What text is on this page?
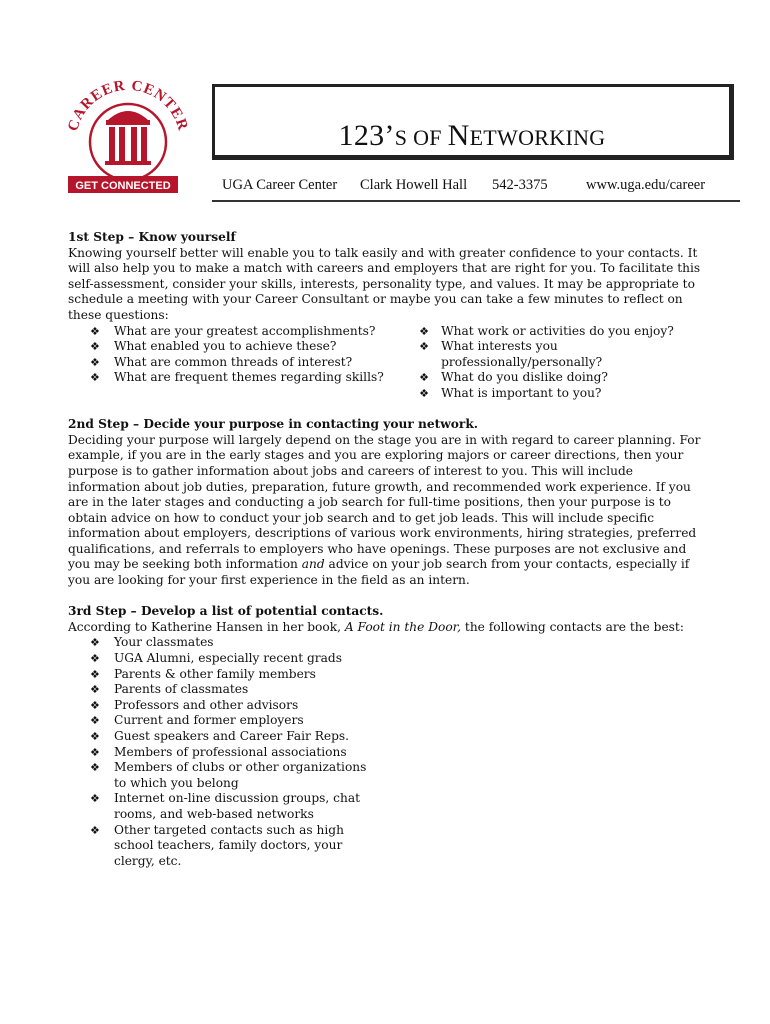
CAREER CENTER
GET CONNECTED
123’S OF NETWORKING
UGA Career Center Clark Howell Hall 542-3375	www.uga.edu/career

1st Step – Know yourself

Knowing yourself better will enable you to talk easily and with greater confidence to your contacts. It will also help you to make a match with careers and employers that are right for you. To facilitate this self-assessment, consider your skills, interests, personality type, and values. It may be appropriate to schedule a meeting with your Career Consultant or maybe you can take a few minutes to reflect on these questions:

❖ What are your greatest accomplishments?
❖ What enabled you to achieve these?
❖ What are common threads of interest?
❖ What are frequent themes regarding skills?
❖ What work or activities do you enjoy?
❖ What interests you professionally/personally?
❖ What do you dislike doing?
❖ What is important to you?

2nd Step – Decide your purpose in contacting your network.

Deciding your purpose will largely depend on the stage you are in with regard to career planning. For example, if you are in the early stages and you are exploring majors or career directions, then your purpose is to gather information about jobs and careers of interest to you. This will include information about job duties, preparation, future growth, and recommended work experience. If you are in the later stages and conducting a job search for full-time positions, then your purpose is to obtain advice on how to conduct your job search and to get job leads. This will include specific information about employers, descriptions of various work environments, hiring strategies, preferred qualifications, and referrals to employers who have openings. These purposes are not exclusive and you may be seeking both information and advice on your job search from your contacts, especially if you are looking for your first experience in the field as an intern.

3rd Step – Develop a list of potential contacts.

According to Katherine Hansen in her book, A Foot in the Door, the following contacts are the best:

❖ Your classmates
❖ UGA Alumni, especially recent grads
❖ Parents & other family members
❖ Parents of classmates
❖ Professors and other advisors
❖ Current and former employers
❖ Guest speakers and Career Fair Reps.
❖ Members of professional associations
❖ Members of clubs or other organizations to which you belong
❖ Internet on-line discussion groups, chat rooms, and web-based networks
❖ Other targeted contacts such as high school teachers, family doctors, your clergy, etc.
